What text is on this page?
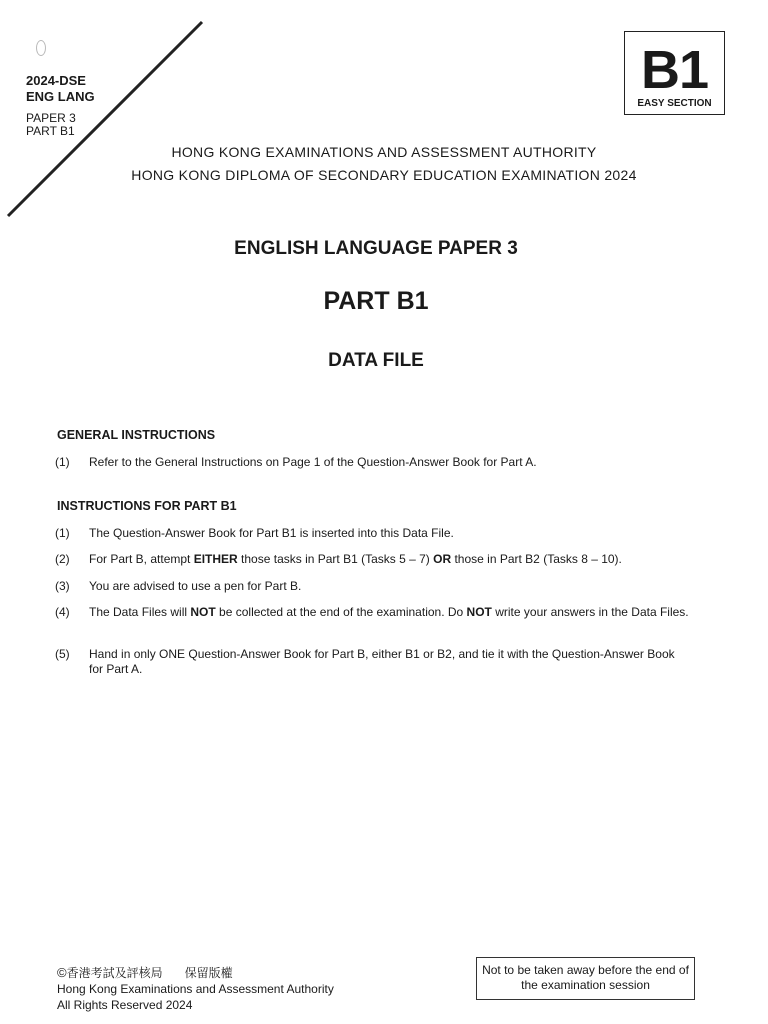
2024-DSE
ENG LANG
PAPER 3
PART B1
B1
EASY SECTION
HONG KONG EXAMINATIONS AND ASSESSMENT AUTHORITY
HONG KONG DIPLOMA OF SECONDARY EDUCATION EXAMINATION 2024
ENGLISH LANGUAGE PAPER 3
PART B1
DATA FILE
GENERAL INSTRUCTIONS
(1) Refer to the General Instructions on Page 1 of the Question-Answer Book for Part A.
INSTRUCTIONS FOR PART B1
(1) The Question-Answer Book for Part B1 is inserted into this Data File.
(2) For Part B, attempt EITHER those tasks in Part B1 (Tasks 5 – 7) OR those in Part B2 (Tasks 8 – 10).
(3) You are advised to use a pen for Part B.
(4) The Data Files will NOT be collected at the end of the examination. Do NOT write your answers in the Data Files.
(5) Hand in only ONE Question-Answer Book for Part B, either B1 or B2, and tie it with the Question-Answer Book for Part A.
©香港考試及評核局 保留版權
Hong Kong Examinations and Assessment Authority
All Rights Reserved 2024
Not to be taken away before the end of the examination session
